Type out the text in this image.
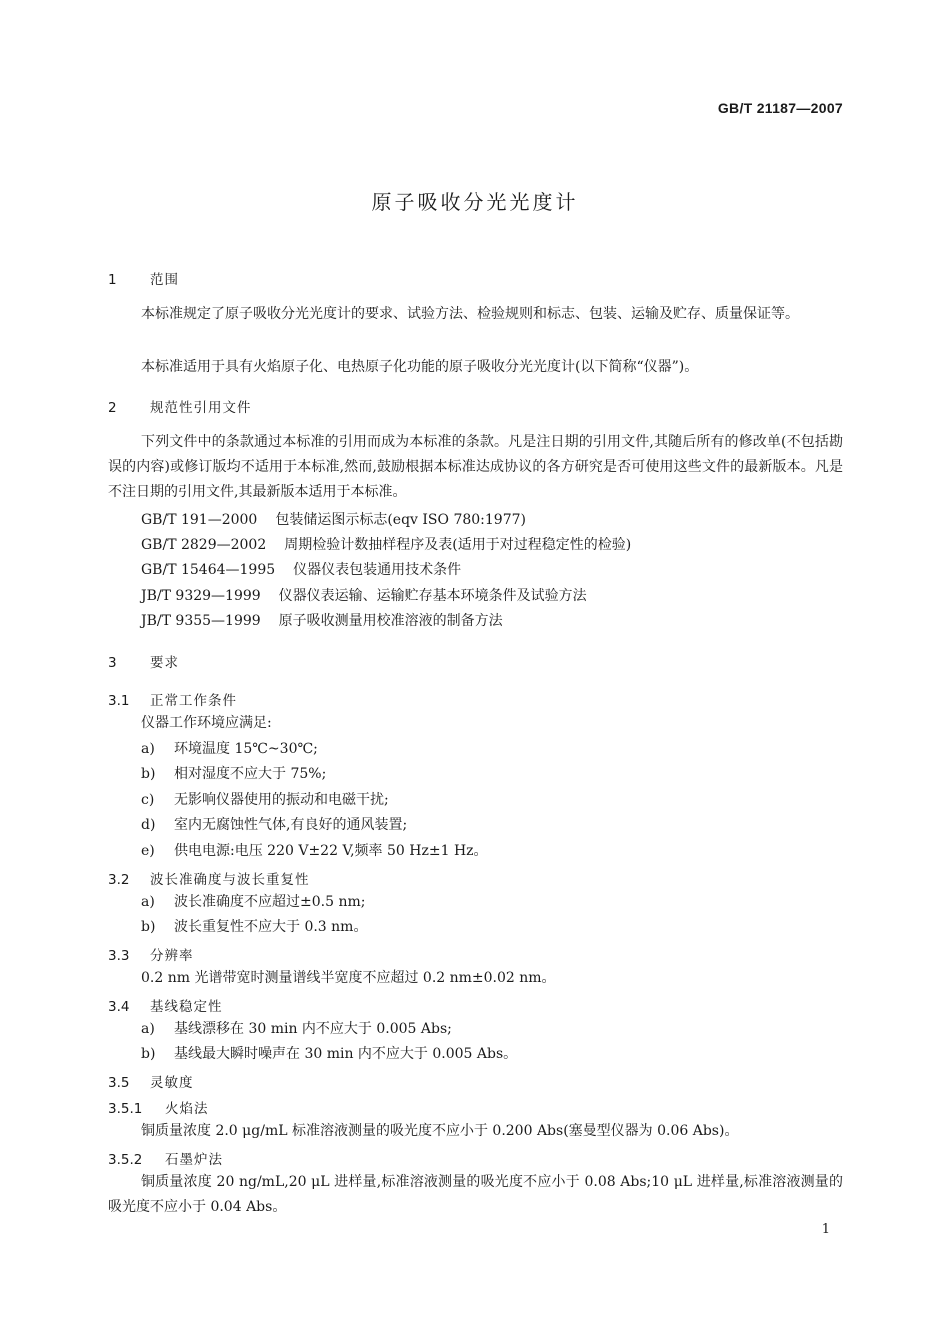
GB/T 21187—2007
原子吸收分光光度计
1 范围
本标准规定了原子吸收分光光度计的要求、试验方法、检验规则和标志、包装、运输及贮存、质量保证等。
本标准适用于具有火焰原子化、电热原子化功能的原子吸收分光光度计(以下简称“仪器”)。
2 规范性引用文件
下列文件中的条款通过本标准的引用而成为本标准的条款。凡是注日期的引用文件,其随后所有的修改单(不包括勘误的内容)或修订版均不适用于本标准,然而,鼓励根据本标准达成协议的各方研究是否可使用这些文件的最新版本。凡是不注日期的引用文件,其最新版本适用于本标准。
GB/T 191—2000 包装储运图示标志(eqv ISO 780:1977)
GB/T 2829—2002 周期检验计数抽样程序及表(适用于对过程稳定性的检验)
GB/T 15464—1995 仪器仪表包装通用技术条件
JB/T 9329—1999 仪器仪表运输、运输贮存基本环境条件及试验方法
JB/T 9355—1999 原子吸收测量用校准溶液的制备方法
3 要求
3.1 正常工作条件
仪器工作环境应满足:
a) 环境温度 15℃~30℃;
b) 相对湿度不应大于 75%;
c) 无影响仪器使用的振动和电磁干扰;
d) 室内无腐蚀性气体,有良好的通风装置;
e) 供电电源:电压 220 V±22 V,频率 50 Hz±1 Hz。
3.2 波长准确度与波长重复性
a) 波长准确度不应超过±0.5 nm;
b) 波长重复性不应大于 0.3 nm。
3.3 分辨率
0.2 nm 光谱带宽时测量谱线半宽度不应超过 0.2 nm±0.02 nm。
3.4 基线稳定性
a) 基线漂移在 30 min 内不应大于 0.005 Abs;
b) 基线最大瞬时噪声在 30 min 内不应大于 0.005 Abs。
3.5 灵敏度
3.5.1 火焰法
铜质量浓度 2.0 μg/mL 标准溶液测量的吸光度不应小于 0.200 Abs(塞曼型仪器为 0.06 Abs)。
3.5.2 石墨炉法
铜质量浓度 20 ng/mL,20 μL 进样量,标准溶液测量的吸光度不应小于 0.08 Abs;10 μL 进样量,标准溶液测量的吸光度不应小于 0.04 Abs。
1
